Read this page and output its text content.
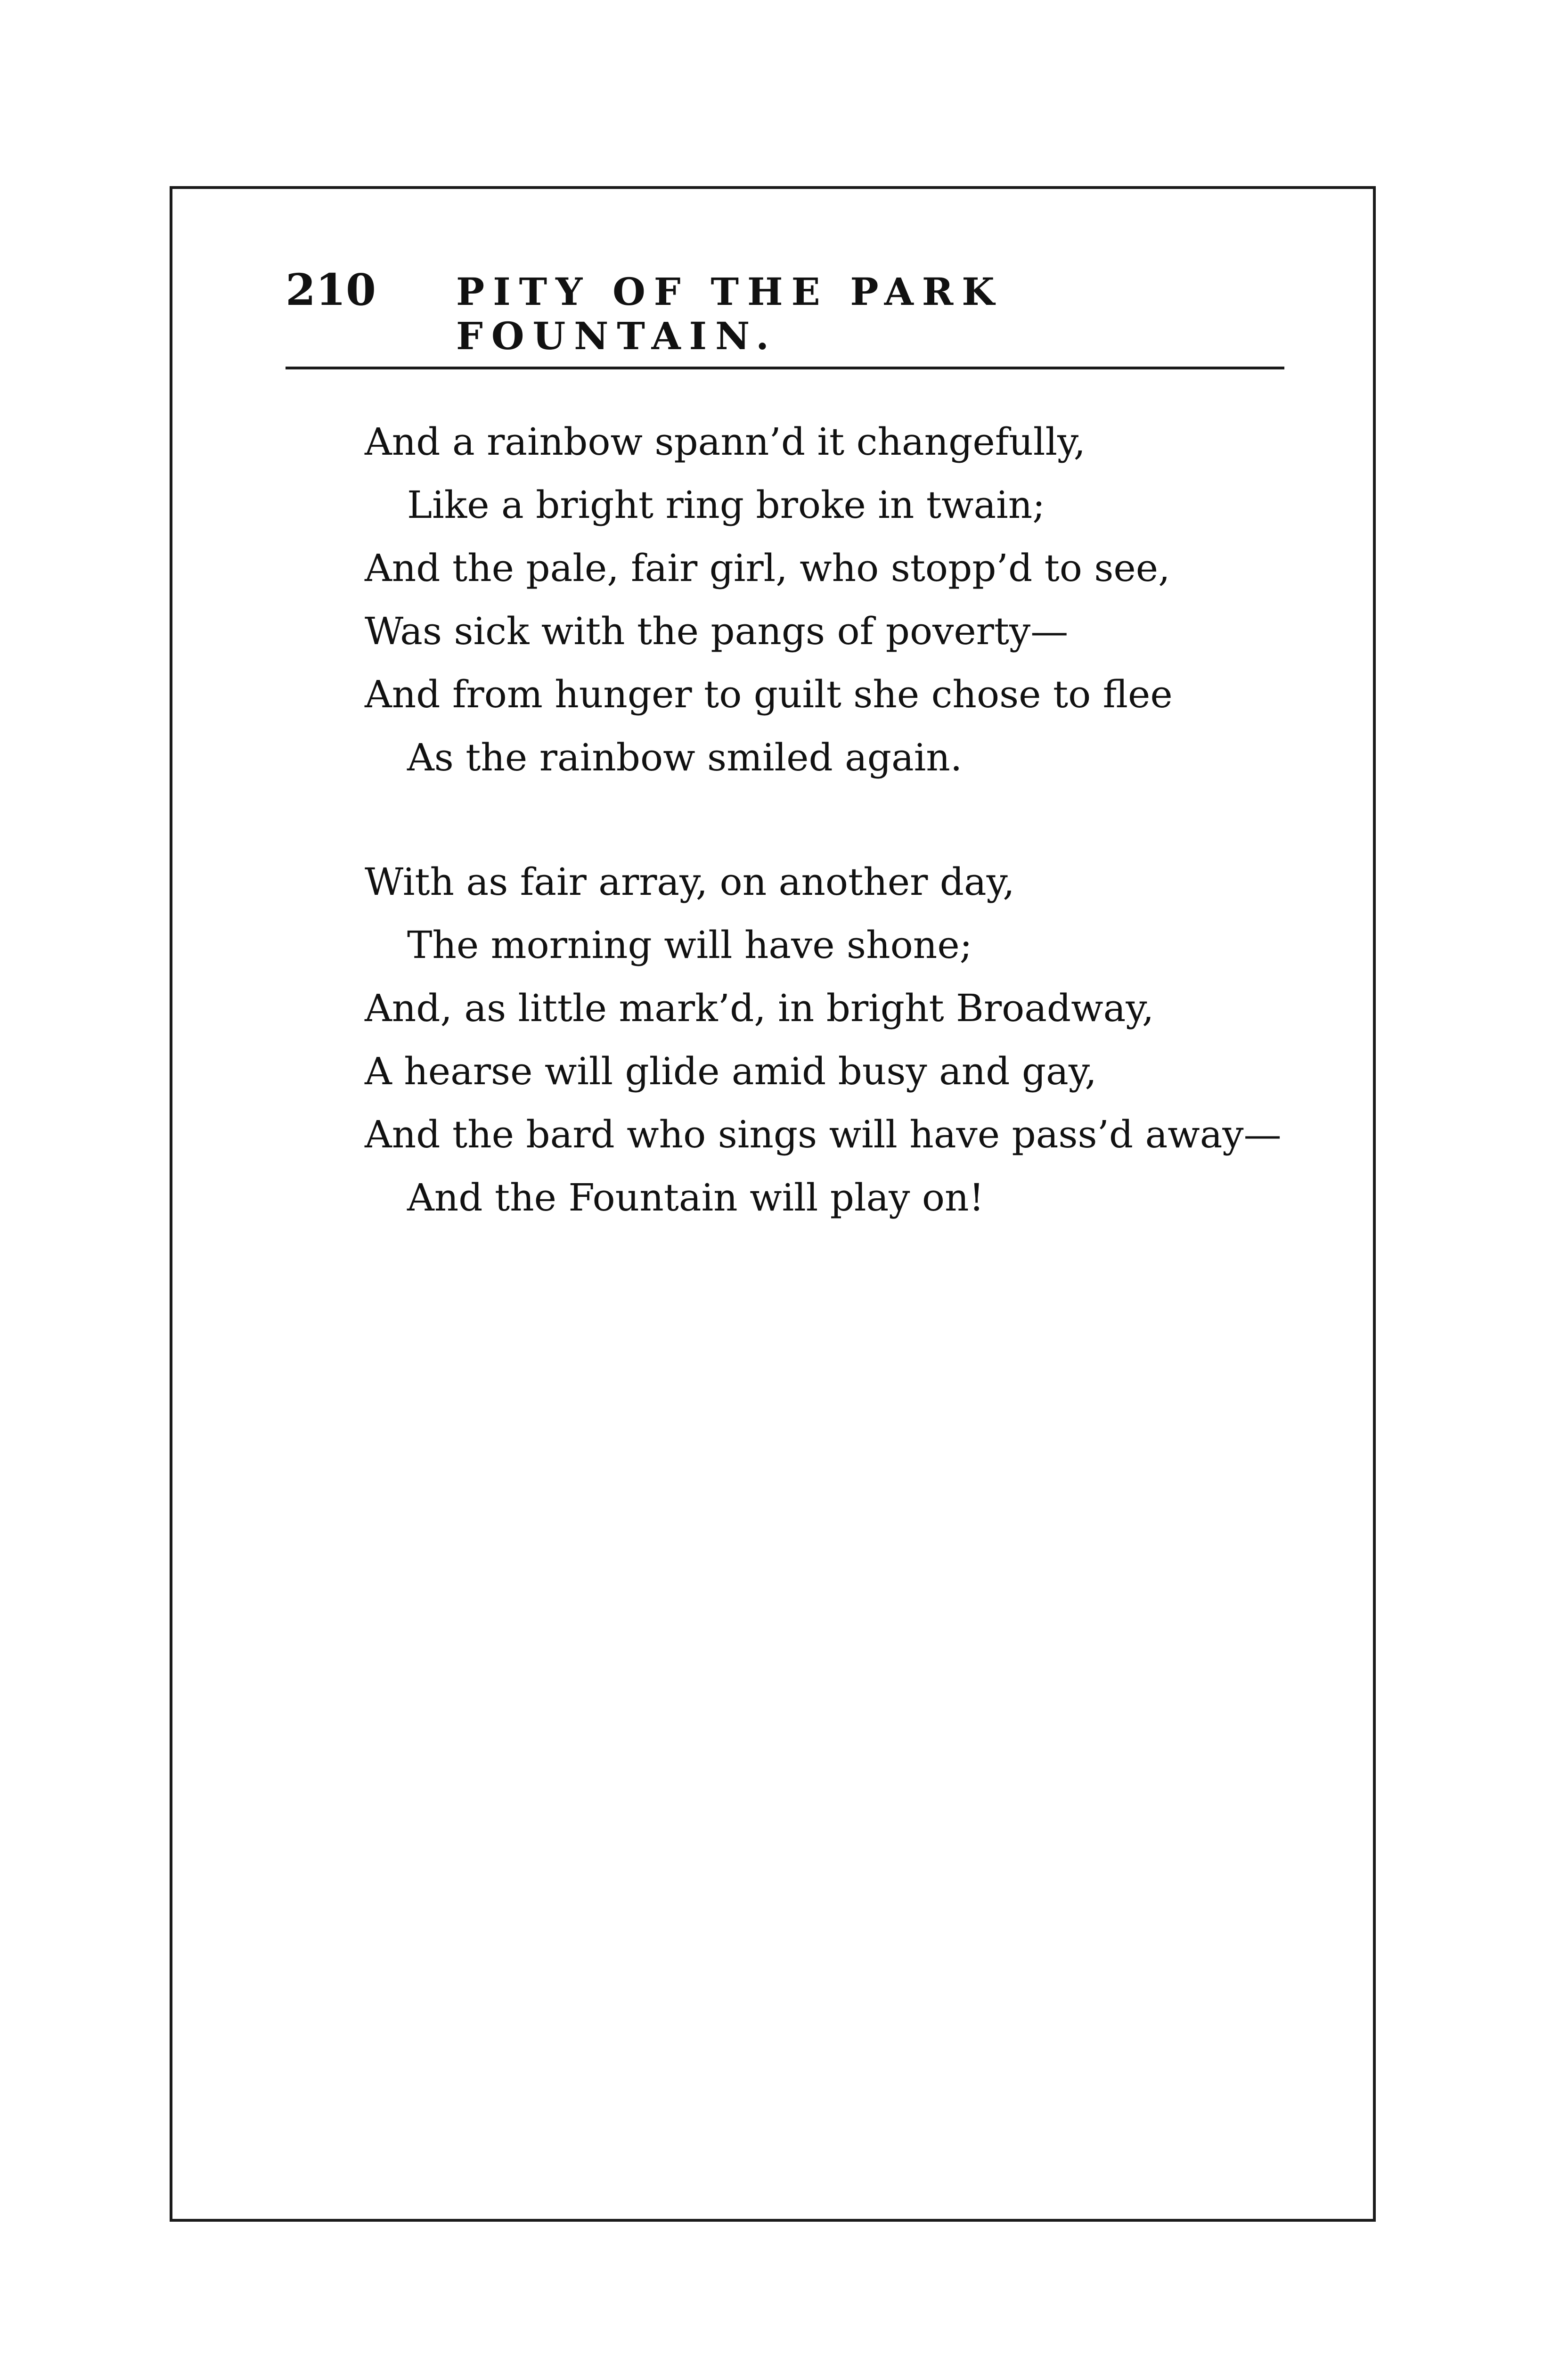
210 PITY OF THE PARK FOUNTAIN.
And a rainbow spann’d it changefully,
Like a bright ring broke in twain;
And the pale, fair girl, who stopp’d to see,
Was sick with the pangs of poverty—
And from hunger to guilt she chose to flee
As the rainbow smiled again.
With as fair array, on another day,
The morning will have shone;
And, as little mark’d, in bright Broadway,
A hearse will glide amid busy and gay,
And the bard who sings will have pass’d away—
And the Fountain will play on!
